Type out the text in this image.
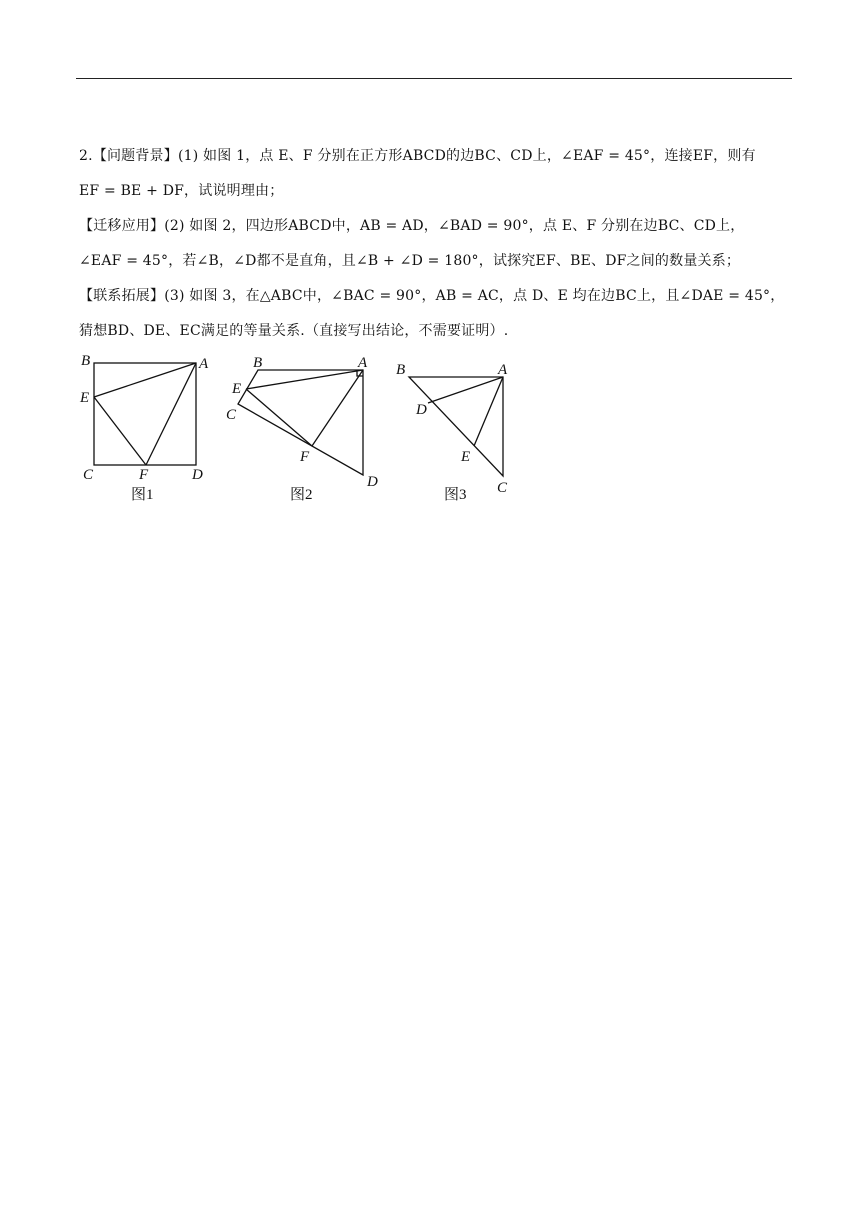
2.【问题背景】(1) 如图 1，点 E、F 分别在正方形ABCD的边BC、CD上，∠EAF = 45°，连接EF，则有
EF = BE + DF，试说明理由；
【迁移应用】(2) 如图 2，四边形ABCD中，AB = AD，∠BAD = 90°，点 E、F 分别在边BC、CD上，
∠EAF = 45°，若∠B，∠D都不是直角，且∠B + ∠D = 180°，试探究EF、BE、DF之间的数量关系；
【联系拓展】(3) 如图 3，在△ABC中，∠BAC = 90°，AB = AC，点 D、E 均在边BC上，且∠DAE = 45°，
猜想BD、DE、EC满足的等量关系.（直接写出结论，不需要证明）.
B	A
E
C	F	D
图1
B	A
E
C
F
D
图2
B	A
D
E
C
图3
